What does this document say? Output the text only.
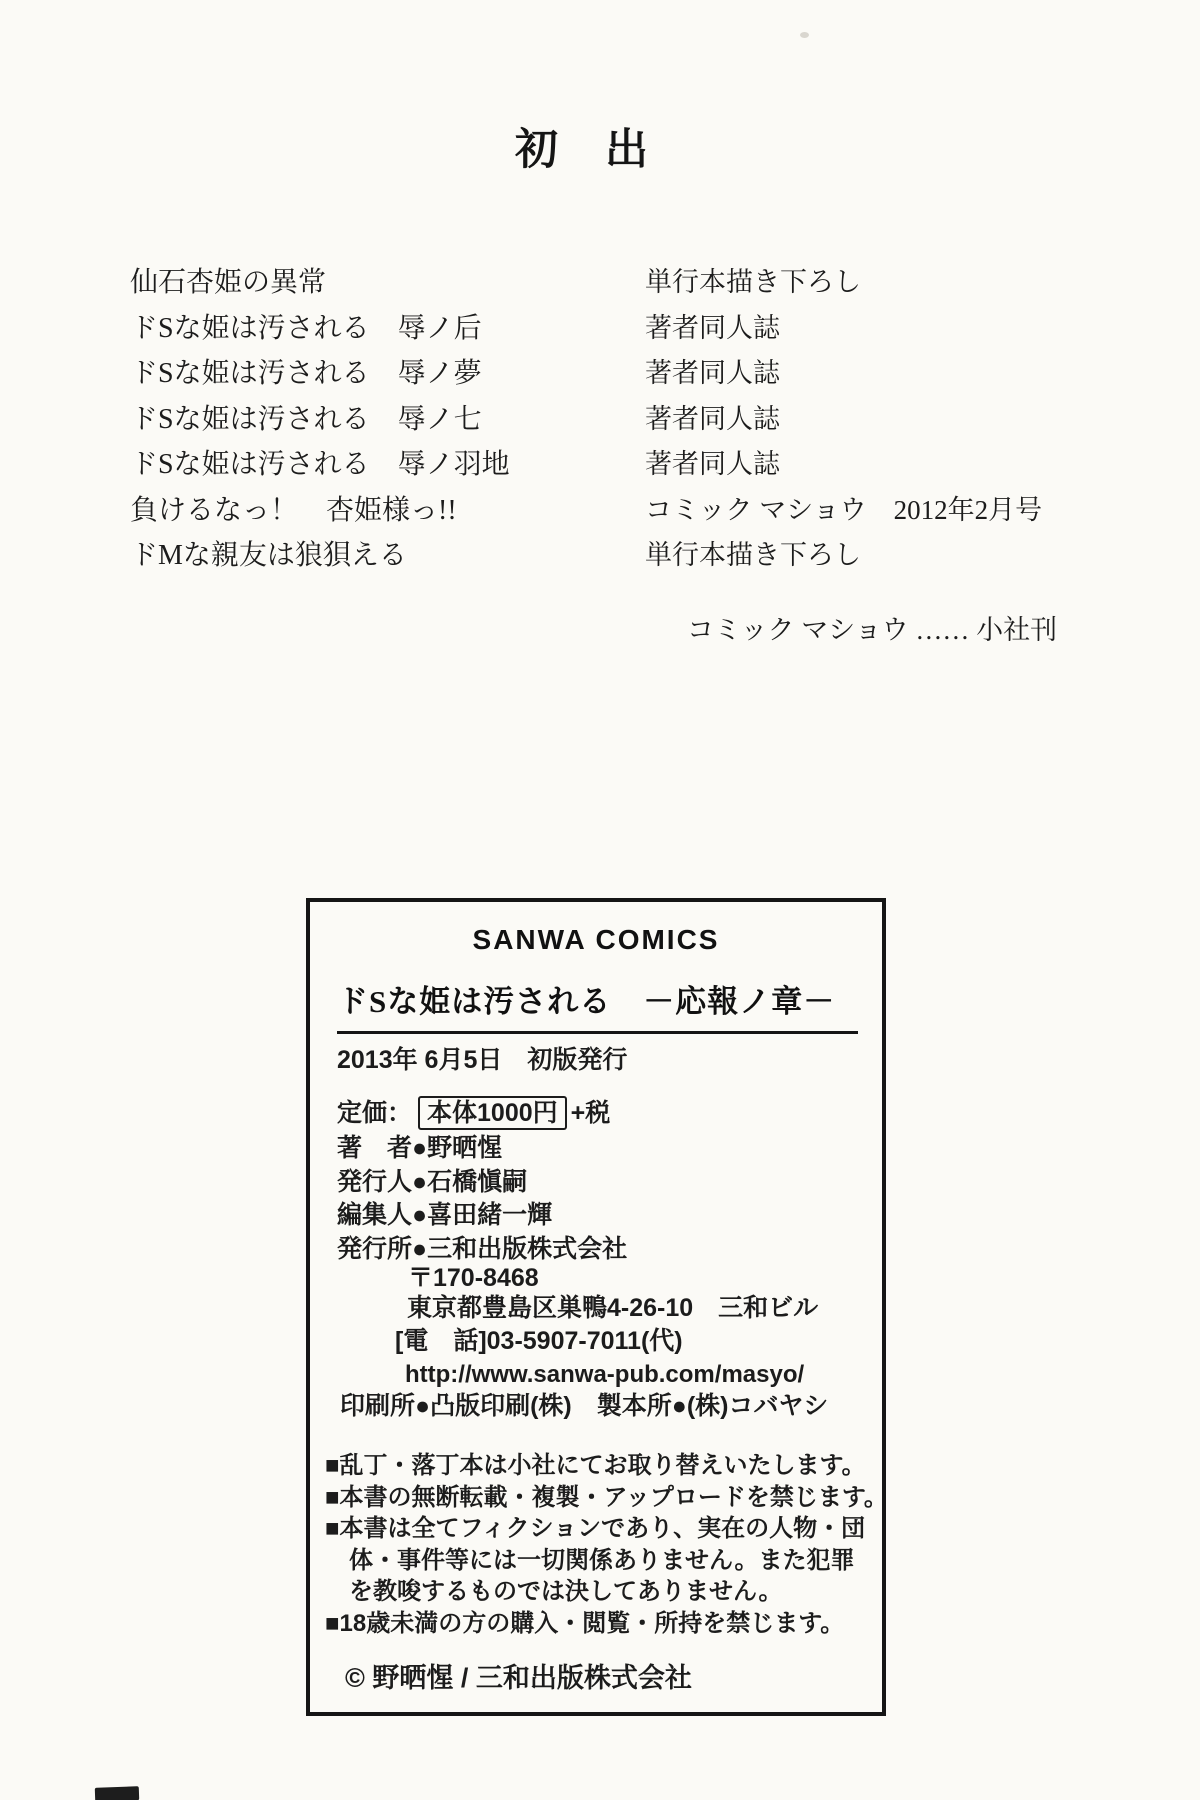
初　出
仙石杏姫の異常	単行本描き下ろし
ドSな姫は汚される　辱ノ后	著者同人誌
ドSな姫は汚される　辱ノ夢	著者同人誌
ドSな姫は汚される　辱ノ七	著者同人誌
ドSな姫は汚される　辱ノ羽地	著者同人誌
負けるなっ！　杏姫様っ!!	コミック マショウ　2012年2月号
ドMな親友は狼狽える	単行本描き下ろし
コミック マショウ …… 小社刊
SANWA COMICS
ドSな姫は汚される　－応報ノ章－
2013年 6月5日　初版発行
定価： 本体1000円 +税
著　者●野晒惺
発行人●石橋愼嗣
編集人●喜田緒一輝
発行所●三和出版株式会社
〒170-8468
東京都豊島区巣鴨4-26-10　三和ビル
[電　話]03-5907-7011(代)
http://www.sanwa-pub.com/masyo/
印刷所●凸版印刷(株)　製本所●(株)コバヤシ
■乱丁・落丁本は小社にてお取り替えいたします。
■本書の無断転載・複製・アップロードを禁じます。
■本書は全てフィクションであり、実在の人物・団
　体・事件等には一切関係ありません。また犯罪
　を教唆するものでは決してありません。
■18歳未満の方の購入・閲覧・所持を禁じます。
© 野晒惺 / 三和出版株式会社
